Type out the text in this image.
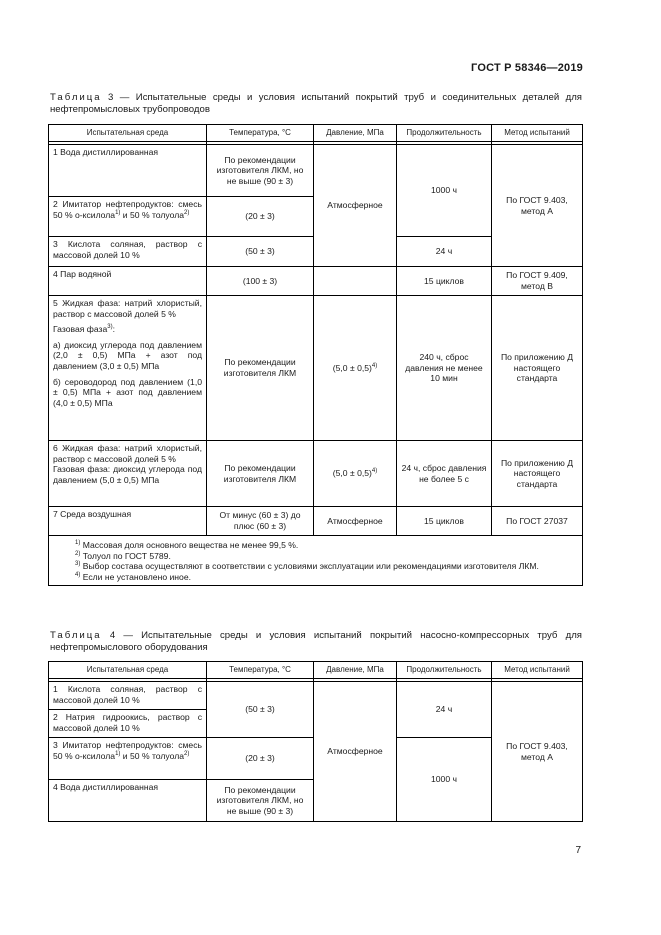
ГОСТ Р 58346—2019
Таблица 3 — Испытательные среды и условия испытаний покрытий труб и соединительных деталей для нефтепромысловых трубопроводов
Испытательная среда	Температура, °С	Давление, МПа	Продолжительность	Метод испытаний

1 Вода дистиллированная	По рекомендации изготовителя ЛКМ, но не выше (90 ± 3)	Атмосферное	1000 ч	По ГОСТ 9.403, метод А
2 Имитатор нефтепродуктов: смесь 50 % о-ксилола$^{1)}$ и 50 % толуола$^{2)}$	(20 ± 3)			
3 Кислота соляная, раствор с массовой долей 10 %	(50 ± 3)		24 ч	
4 Пар водяной	(100 ± 3)		15 циклов	По ГОСТ 9.409, метод В

5 Жидкая фаза: натрий хлористый, раствор с массовой долей 5 %
Газовая фаза$^{3)}$:
а) диоксид углерода под давлением (2,0 ± 0,5) МПа + азот под давлением (3,0 ± 0,5) МПа
б) сероводород под давлением (1,0 ± 0,5) МПа + азот под давлением (4,0 ± 0,5) МПа	По рекомендации изготовителя ЛКМ	$(5,0 \pm 0,5)^{4)}$	240 ч, сброс давления не менее 10 мин	По приложению Д настоящего стандарта

6 Жидкая фаза: натрий хлористый, раствор с массовой долей 5 %
Газовая фаза: диоксид углерода под давлением (5,0 ± 0,5) МПа	По рекомендации изготовителя ЛКМ	$(5,0 \pm 0,5)^{4)}$	24 ч, сброс давления не более 5 с	По приложению Д настоящего стандарта
7 Среда воздушная	От минус (60 ± 3) до плюс (60 ± 3)	Атмосферное	15 циклов	По ГОСТ 27037

$^{1)}$ Массовая доля основного вещества не менее 99,5 %.
$^{2)}$ Толуол по ГОСТ 5789.
$^{3)}$ Выбор состава осуществляют в соответствии с условиями эксплуатации или рекомендациями изготовителя ЛКМ.
$^{4)}$ Если не установлено иное.				
Таблица 4 — Испытательные среды и условия испытаний покрытий насосно-компрессорных труб для нефтепромыслового оборудования
Испытательная среда	Температура, °С	Давление, МПа	Продолжительность	Метод испытаний

1 Кислота соляная, раствор с массовой долей 10 %	(50 ± 3)	Атмосферное	24 ч	По ГОСТ 9.403, метод А
2 Натрия гидроокись, раствор с массовой долей 10 %				
3 Имитатор нефтепродуктов: смесь 50 % о-ксилола$^{1)}$ и 50 % толуола$^{2)}$	(20 ± 3)		1000 ч	
4 Вода дистиллированная	По рекомендации изготовителя ЛКМ, но не выше (90 ± 3)			
7
